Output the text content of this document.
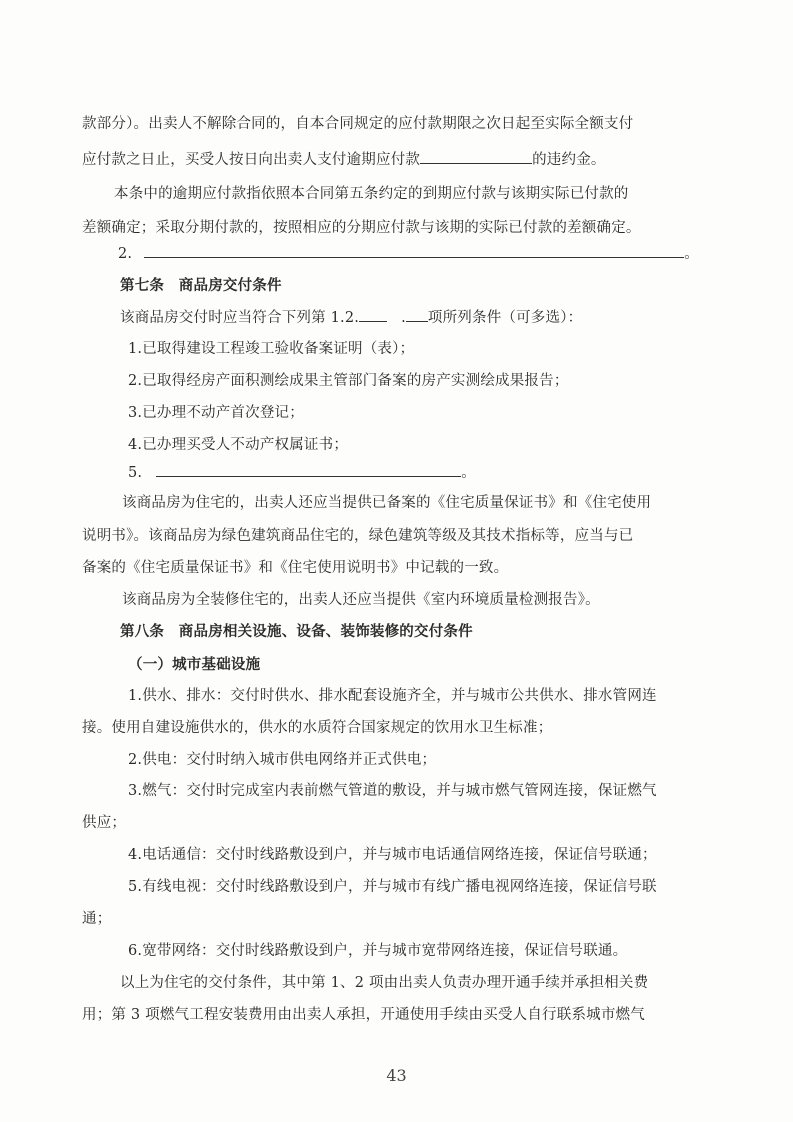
款部分）。出卖人不解除合同的，自本合同规定的应付款期限之次日起至实际全额支付
应付款之日止，买受人按日向出卖人支付逾期应付款	的违约金。
本条中的逾期应付款指依照本合同第五条约定的到期应付款与该期实际已付款的
差额确定；采取分期付款的，按照相应的分期应付款与该期的实际已付款的差额确定。
2.	。
第七条　商品房交付条件
该商品房交付时应当符合下列第 1.2.	. 项所列条件（可多选）：
1.已取得建设工程竣工验收备案证明（表）；
2.已取得经房产面积测绘成果主管部门备案的房产实测绘成果报告；
3.已办理不动产首次登记；
4.已办理买受人不动产权属证书；
5.	。
该商品房为住宅的，出卖人还应当提供已备案的《住宅质量保证书》和《住宅使用
说明书》。该商品房为绿色建筑商品住宅的，绿色建筑等级及其技术指标等，应当与已
备案的《住宅质量保证书》和《住宅使用说明书》中记载的一致。
该商品房为全装修住宅的，出卖人还应当提供《室内环境质量检测报告》。
第八条　商品房相关设施、设备、装饰装修的交付条件
（一）城市基础设施
1.供水、排水：交付时供水、排水配套设施齐全，并与城市公共供水、排水管网连
接。使用自建设施供水的，供水的水质符合国家规定的饮用水卫生标准；
2.供电：交付时纳入城市供电网络并正式供电；
3.燃气：交付时完成室内表前燃气管道的敷设，并与城市燃气管网连接，保证燃气
供应；
4.电话通信：交付时线路敷设到户，并与城市电话通信网络连接，保证信号联通；
5.有线电视：交付时线路敷设到户，并与城市有线广播电视网络连接，保证信号联
通；
6.宽带网络：交付时线路敷设到户，并与城市宽带网络连接，保证信号联通。
以上为住宅的交付条件，其中第 1、2 项由出卖人负责办理开通手续并承担相关费
用；第 3 项燃气工程安装费用由出卖人承担，开通使用手续由买受人自行联系城市燃气
43
